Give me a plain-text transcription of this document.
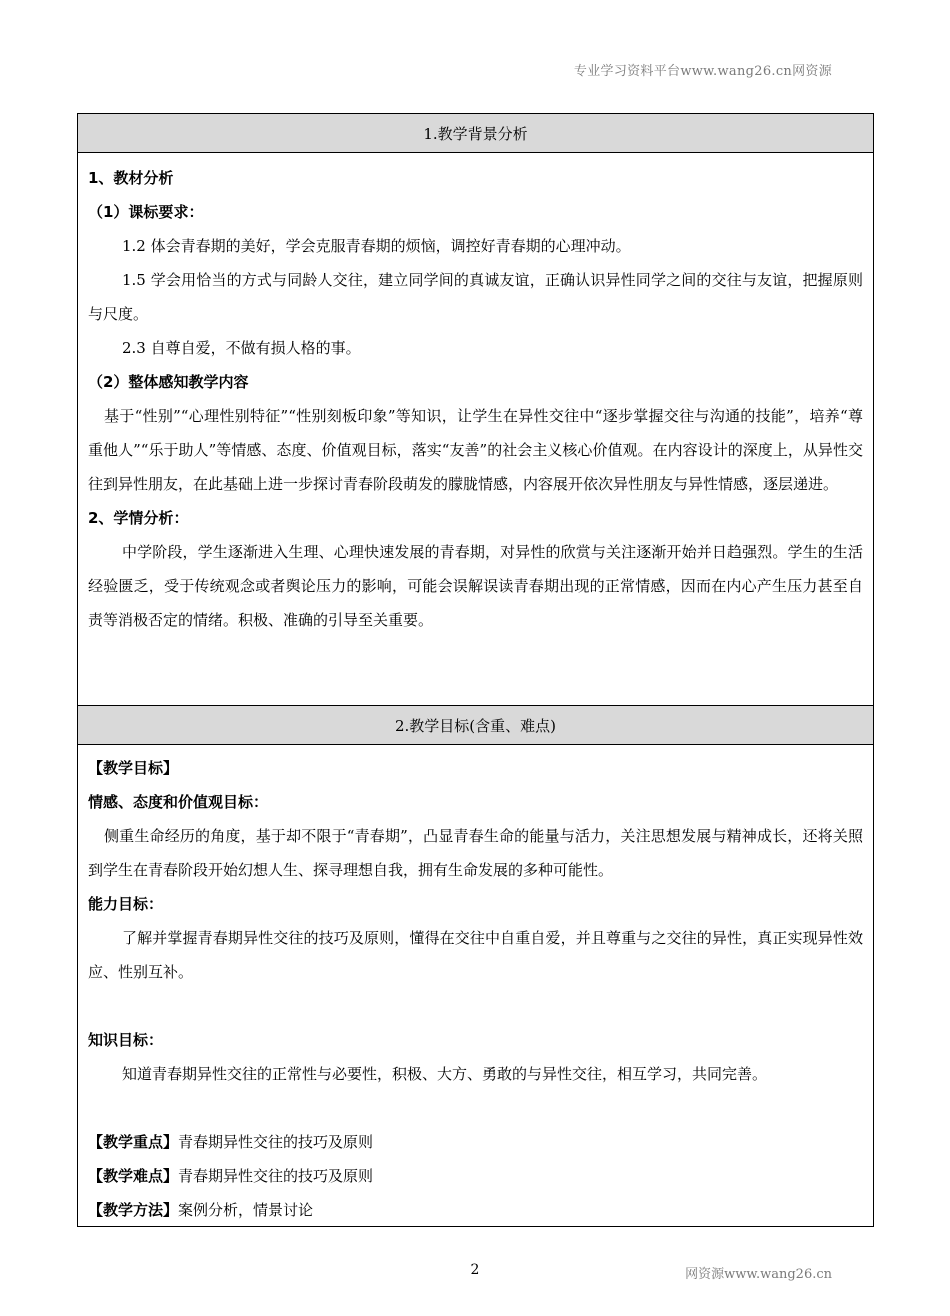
专业学习资料平台www.wang26.cn网资源
1.教学背景分析

1、教材分析

（1）课标要求：

1.2 体会青春期的美好，学会克服青春期的烦恼，调控好青春期的心理冲动。

1.5 学会用恰当的方式与同龄人交往，建立同学间的真诚友谊，正确认识异性同学之间的交往与友谊，把握原则与尺度。

2.3 自尊自爱，不做有损人格的事。

（2）整体感知教学内容

基于“性别”“心理性别特征”“性别刻板印象”等知识，让学生在异性交往中“逐步掌握交往与沟通的技能”，培养“尊重他人”“乐于助人”等情感、态度、价值观目标，落实“友善”的社会主义核心价值观。在内容设计的深度上，从异性交往到异性朋友，在此基础上进一步探讨青春阶段萌发的朦胧情感，内容展开依次异性朋友与异性情感，逐层递进。

2、学情分析：

中学阶段，学生逐渐进入生理、心理快速发展的青春期，对异性的欣赏与关注逐渐开始并日趋强烈。学生的生活经验匮乏，受于传统观念或者舆论压力的影响，可能会误解误读青春期出现的正常情感，因而在内心产生压力甚至自责等消极否定的情绪。积极、准确的引导至关重要。

2.教学目标(含重、难点)

【教学目标】

情感、态度和价值观目标：

侧重生命经历的角度，基于却不限于“青春期”，凸显青春生命的能量与活力，关注思想发展与精神成长，还将关照到学生在青春阶段开始幻想人生、探寻理想自我，拥有生命发展的多种可能性。

能力目标：

了解并掌握青春期异性交往的技巧及原则，懂得在交往中自重自爱，并且尊重与之交往的异性，真正实现异性效应、性别互补。

知识目标：

知道青春期异性交往的正常性与必要性，积极、大方、勇敢的与异性交往，相互学习，共同完善。

【教学重点】青春期异性交往的技巧及原则

【教学难点】青春期异性交往的技巧及原则

【教学方法】案例分析，情景讨论

2	网资源www.wang26.cn
